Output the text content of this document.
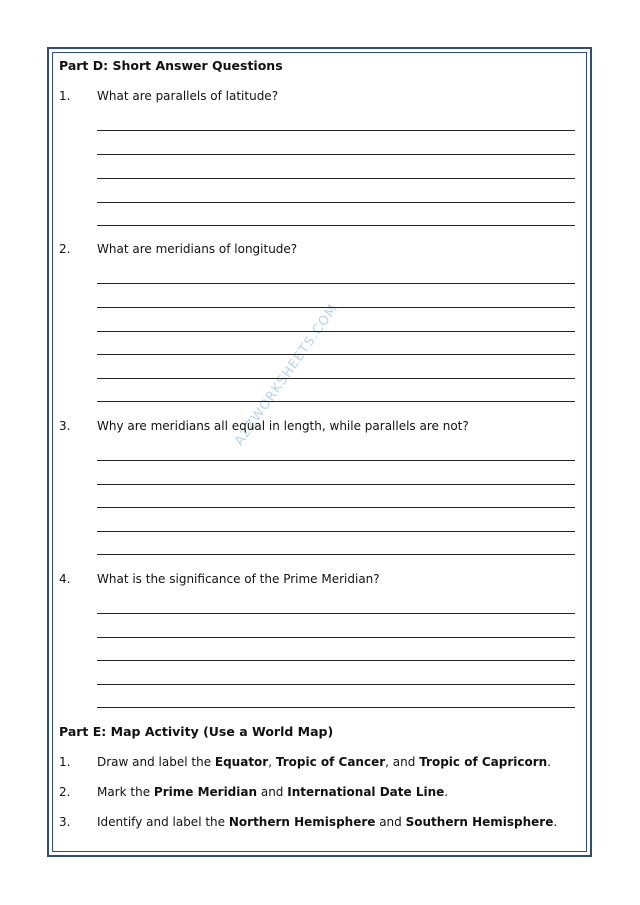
A2ZWORKSHEETS.COM
Part D: Short Answer Questions
1. What are parallels of latitude?
2. What are meridians of longitude?
3. Why are meridians all equal in length, while parallels are not?
4. What is the significance of the Prime Meridian?
Part E: Map Activity (Use a World Map)
1. Draw and label the Equator, Tropic of Cancer, and Tropic of Capricorn.
2. Mark the Prime Meridian and International Date Line.
3. Identify and label the Northern Hemisphere and Southern Hemisphere.
